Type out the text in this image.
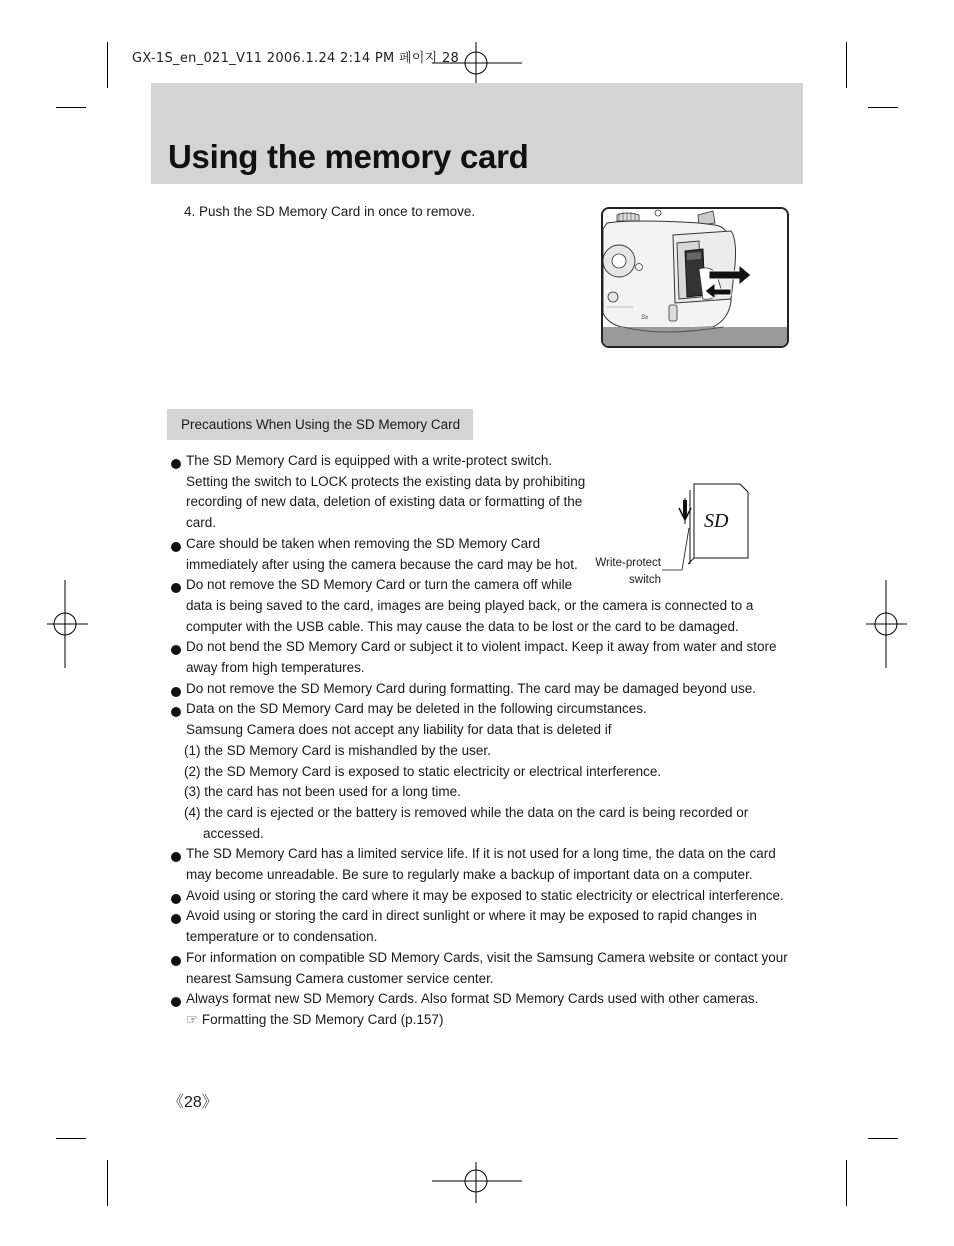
GX-1S_en_021_V11 2006.1.24 2:14 PM 페이지 28
Using the memory card
4. Push the SD Memory Card in once to remove.
S≥
Precautions When Using the SD Memory Card
SD
Write-protect
switch
The SD Memory Card is equipped with a write-protect switch.
Setting the switch to LOCK protects the existing data by prohibiting
recording of new data, deletion of existing data or formatting of the
card.
Care should be taken when removing the SD Memory Card
immediately after using the camera because the card may be hot.
Do not remove the SD Memory Card or turn the camera off while
data is being saved to the card, images are being played back, or the camera is connected to a
computer with the USB cable. This may cause the data to be lost or the card to be damaged.
Do not bend the SD Memory Card or subject it to violent impact. Keep it away from water and store
away from high temperatures.
Do not remove the SD Memory Card during formatting. The card may be damaged beyond use.
Data on the SD Memory Card may be deleted in the following circumstances.
Samsung Camera does not accept any liability for data that is deleted if
(1) the SD Memory Card is mishandled by the user.
(2) the SD Memory Card is exposed to static electricity or electrical interference.
(3) the card has not been used for a long time.
(4) the card is ejected or the battery is removed while the data on the card is being recorded or
accessed.
The SD Memory Card has a limited service life. If it is not used for a long time, the data on the card
may become unreadable. Be sure to regularly make a backup of important data on a computer.
Avoid using or storing the card where it may be exposed to static electricity or electrical interference.
Avoid using or storing the card in direct sunlight or where it may be exposed to rapid changes in
temperature or to condensation.
For information on compatible SD Memory Cards, visit the Samsung Camera website or contact your
nearest Samsung Camera customer service center.
Always format new SD Memory Cards. Also format SD Memory Cards used with other cameras.
☞ Formatting the SD Memory Card (p.157)
《28》
